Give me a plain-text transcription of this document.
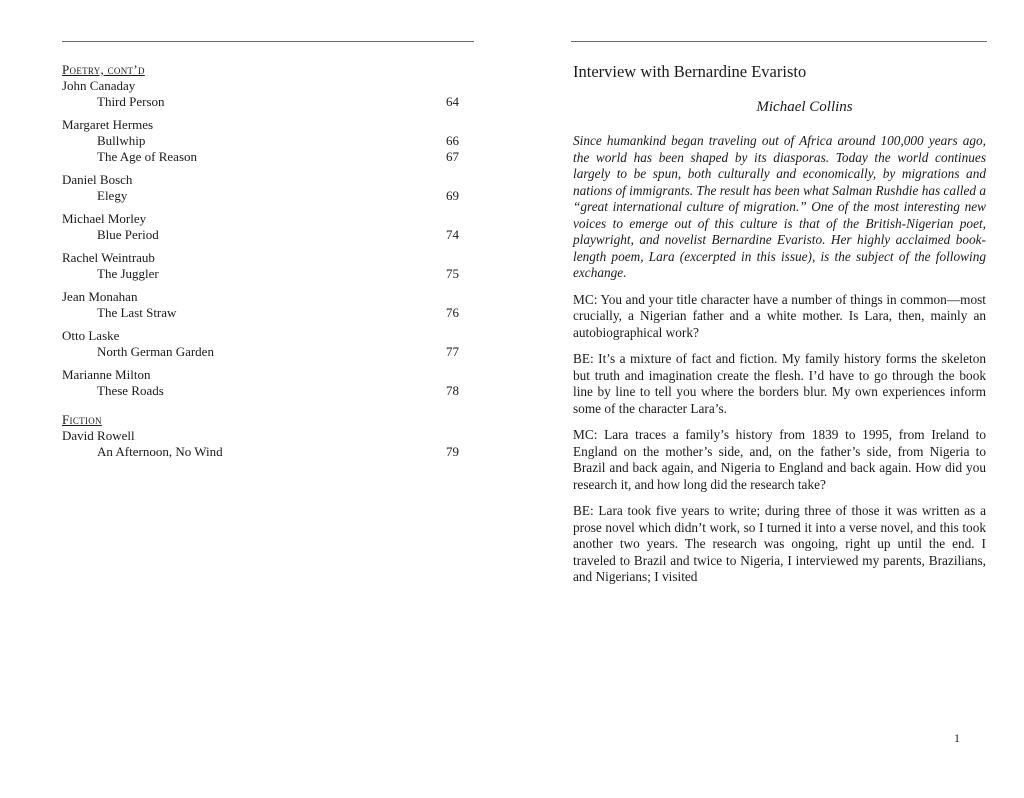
Poetry, cont’d
John Canaday
Third Person	64
Margaret Hermes
Bullwhip	66
The Age of Reason	67
Daniel Bosch
Elegy	69
Michael Morley
Blue Period	74
Rachel Weintraub
The Juggler	75
Jean Monahan
The Last Straw	76
Otto Laske
North German Garden	77
Marianne Milton
These Roads	78
Fiction
David Rowell
An Afternoon, No Wind	79
Interview with Bernardine Evaristo
Michael Collins

Since humankind began traveling out of Africa around 100,000 years ago, the world has been shaped by its diasporas. Today the world continues largely to be spun, both culturally and economically, by migrations and nations of immigrants. The result has been what Salman Rushdie has called a “great international culture of migration.” One of the most interesting new voices to emerge out of this culture is that of the British-Nigerian poet, playwright, and novelist Bernardine Evaristo. Her highly acclaimed book-length poem, Lara (excerpted in this issue), is the subject of the following exchange.

MC: You and your title character have a number of things in common—most crucially, a Nigerian father and a white mother. Is Lara, then, mainly an autobiographical work?

BE: It’s a mixture of fact and fiction. My family history forms the skeleton but truth and imagination create the flesh. I’d have to go through the book line by line to tell you where the borders blur. My own experiences inform some of the character Lara’s.

MC: Lara traces a family’s history from 1839 to 1995, from Ireland to England on the mother’s side, and, on the father’s side, from Nigeria to Brazil and back again, and Nigeria to England and back again. How did you research it, and how long did the research take?

BE: Lara took five years to write; during three of those it was written as a prose novel which didn’t work, so I turned it into a verse novel, and this took another two years. The research was ongoing, right up until the end. I traveled to Brazil and twice to Nigeria, I interviewed my parents, Brazilians, and Nigerians; I visited

1
